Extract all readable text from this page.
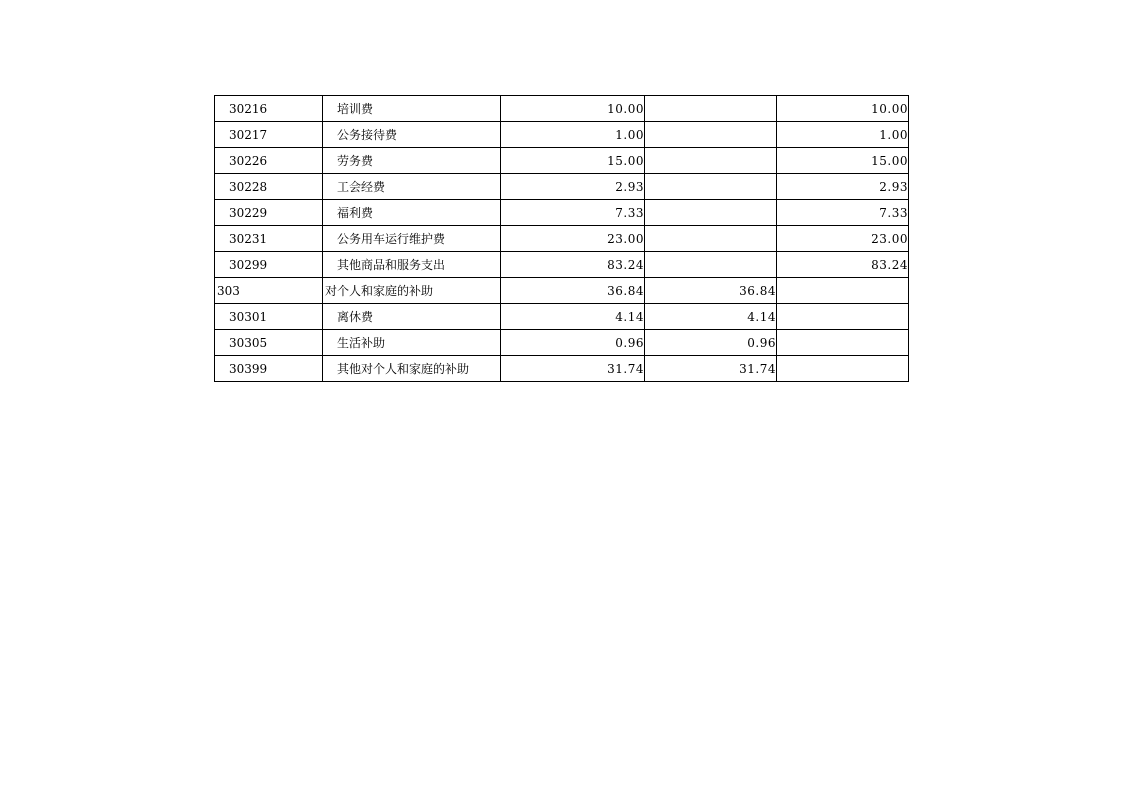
30216	培训费	10.00		10.00
30217	公务接待费	1.00		1.00
30226	劳务费	15.00		15.00
30228	工会经费	2.93		2.93
30229	福利费	7.33		7.33
30231	公务用车运行维护费	23.00		23.00
30299	其他商品和服务支出	83.24		83.24
303	对个人和家庭的补助	36.84	36.84	
30301	离休费	4.14	4.14	
30305	生活补助	0.96	0.96	
30399	其他对个人和家庭的补助	31.74	31.74	
